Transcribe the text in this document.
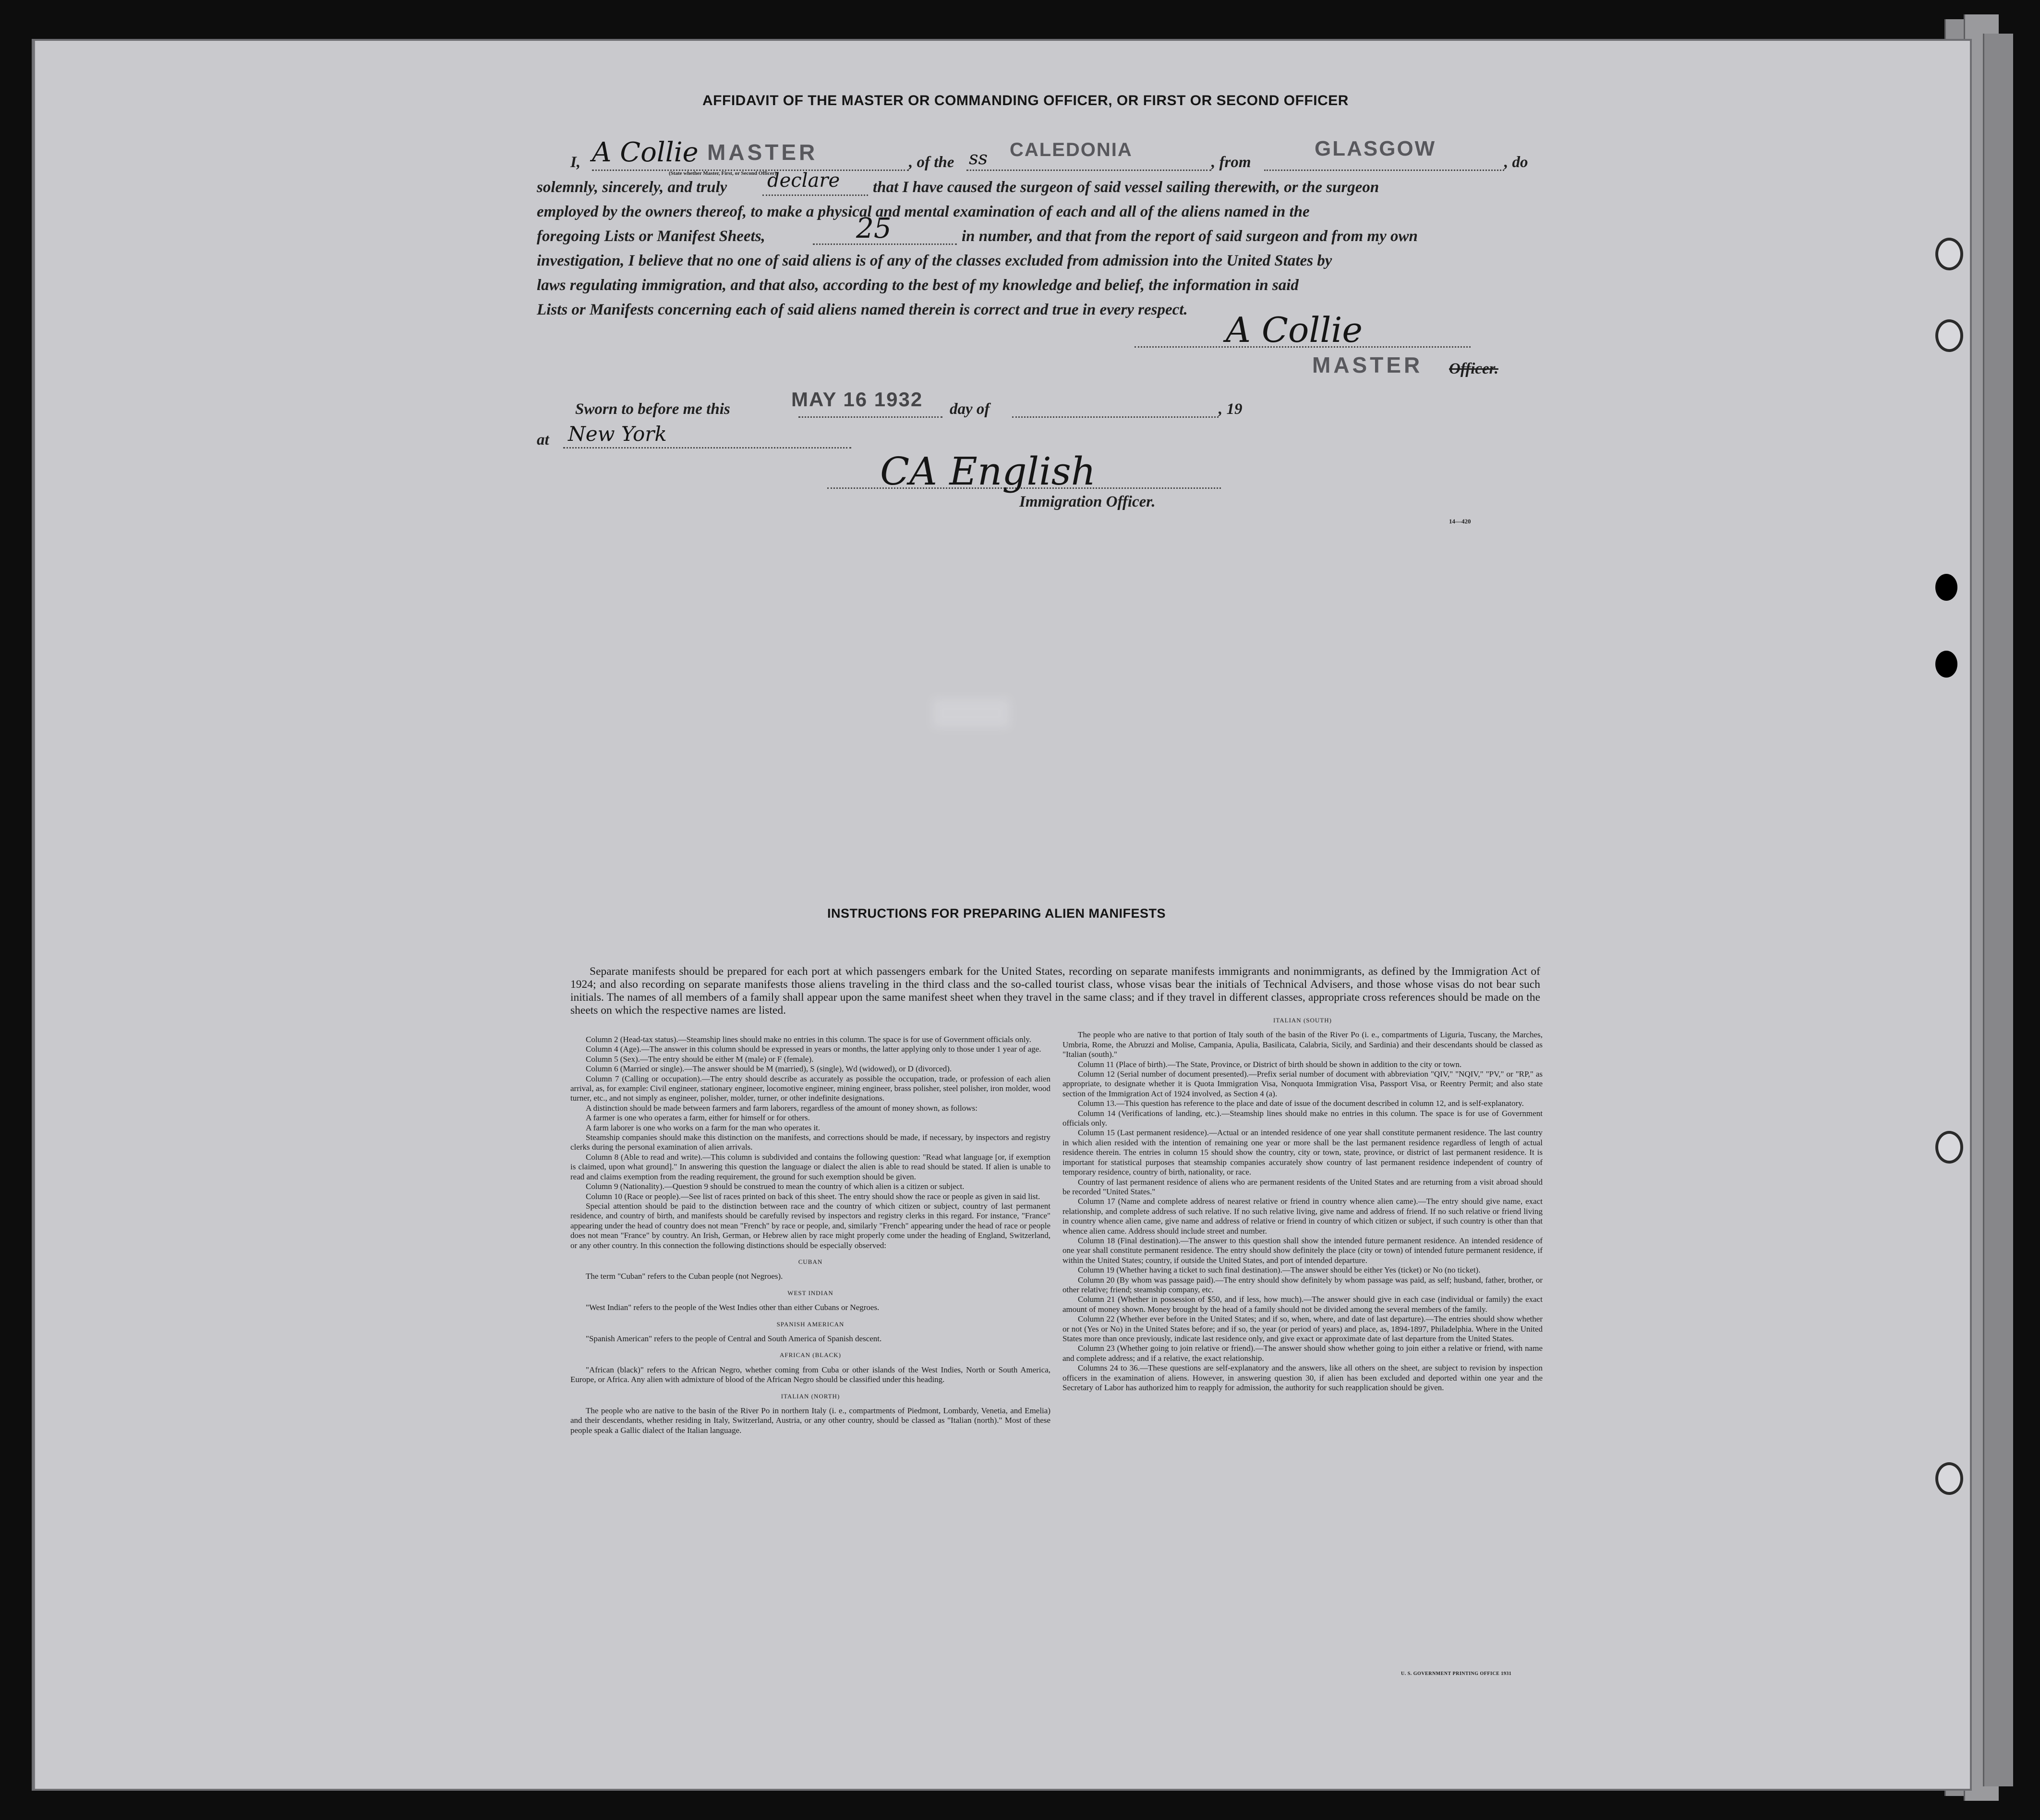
AFFIDAVIT OF THE MASTER OR COMMANDING OFFICER, OR FIRST OR SECOND OFFICER
I, A Collie MASTER
(State whether Master, First, or Second Officer)
, of the ss CALEDONIA
, from
GLASGOW
, do
solemnly, sincerely, and truly declare that I have caused the surgeon of said vessel sailing therewith, or the surgeon
employed by the owners thereof, to make a physical and mental examination of each and all of the aliens named in the
foregoing Lists or Manifest Sheets,	25	in number, and that from the report of said surgeon and from my own
investigation, I believe that no one of said aliens is of any of the classes excluded from admission into the United States by
laws regulating immigration, and that also, according to the best of my knowledge and belief, the information in said
Lists or Manifests concerning each of said aliens named therein is correct and true in every respect. A Collie
MASTER Officer.
Sworn to before me this	MAY 16 1932 day of	, 19
at New York
CA English
Immigration Officer.
14—420
INSTRUCTIONS FOR PREPARING ALIEN MANIFESTS
Separate manifests should be prepared for each port at which passengers embark for the United States, recording on separate manifests immigrants and nonimmigrants, as defined by the Immigration Act of 1924; and also recording on separate manifests those aliens traveling in the third class and the so-called tourist class, whose visas bear the initials of Technical Advisers, and those whose visas do not bear such initials. The names of all members of a family shall appear upon the same manifest sheet when they travel in the same class; and if they travel in different classes, appropriate cross references should be made on the sheets on which the respective names are listed.

Column 2 (Head-tax status).—Steamship lines should make no entries in this column. The space is for use of Government officials only.

Column 4 (Age).—The answer in this column should be expressed in years or months, the latter applying only to those under 1 year of age.

Column 5 (Sex).—The entry should be either M (male) or F (female).

Column 6 (Married or single).—The answer should be M (married), S (single), Wd (widowed), or D (divorced).

Column 7 (Calling or occupation).—The entry should describe as accurately as possible the occupation, trade, or profession of each alien arrival, as, for example: Civil engineer, stationary engineer, locomotive engineer, mining engineer, brass polisher, steel polisher, iron molder, wood turner, etc., and not simply as engineer, polisher, molder, turner, or other indefinite designations.

A distinction should be made between farmers and farm laborers, regardless of the amount of money shown, as follows:

A farmer is one who operates a farm, either for himself or for others.

A farm laborer is one who works on a farm for the man who operates it.

Steamship companies should make this distinction on the manifests, and corrections should be made, if necessary, by inspectors and registry clerks during the personal examination of alien arrivals.

Column 8 (Able to read and write).—This column is subdivided and contains the following question: "Read what language [or, if exemption is claimed, upon what ground]." In answering this question the language or dialect the alien is able to read should be stated. If alien is unable to read and claims exemption from the reading requirement, the ground for such exemption should be given.

Column 9 (Nationality).—Question 9 should be construed to mean the country of which alien is a citizen or subject.

Column 10 (Race or people).—See list of races printed on back of this sheet. The entry should show the race or people as given in said list.

Special attention should be paid to the distinction between race and the country of which citizen or subject, country of last permanent residence, and country of birth, and manifests should be carefully revised by inspectors and registry clerks in this regard. For instance, "France" appearing under the head of country does not mean "French" by race or people, and, similarly "French" appearing under the head of race or people does not mean "France" by country. An Irish, German, or Hebrew alien by race might properly come under the heading of England, Switzerland, or any other country. In this connection the following distinctions should be especially observed:

CUBAN

The term "Cuban" refers to the Cuban people (not Negroes).

WEST INDIAN

"West Indian" refers to the people of the West Indies other than either Cubans or Negroes.

SPANISH AMERICAN

"Spanish American" refers to the people of Central and South America of Spanish descent.

AFRICAN (BLACK)

"African (black)" refers to the African Negro, whether coming from Cuba or other islands of the West Indies, North or South America, Europe, or Africa. Any alien with admixture of blood of the African Negro should be classified under this heading.

ITALIAN (NORTH)

The people who are native to the basin of the River Po in northern Italy (i. e., compartments of Piedmont, Lombardy, Venetia, and Emelia) and their descendants, whether residing in Italy, Switzerland, Austria, or any other country, should be classed as "Italian (north)." Most of these people speak a Gallic dialect of the Italian language.

ITALIAN (SOUTH)

The people who are native to that portion of Italy south of the basin of the River Po (i. e., compartments of Liguria, Tuscany, the Marches, Umbria, Rome, the Abruzzi and Molise, Campania, Apulia, Basilicata, Calabria, Sicily, and Sardinia) and their descendants should be classed as "Italian (south)."

Column 11 (Place of birth).—The State, Province, or District of birth should be shown in addition to the city or town.

Column 12 (Serial number of document presented).—Prefix serial number of document with abbreviation "QIV," "NQIV," "PV," or "RP," as appropriate, to designate whether it is Quota Immigration Visa, Nonquota Immigration Visa, Passport Visa, or Reentry Permit; and also state section of the Immigration Act of 1924 involved, as Section 4 (a).

Column 13.—This question has reference to the place and date of issue of the document described in column 12, and is self-explanatory.

Column 14 (Verifications of landing, etc.).—Steamship lines should make no entries in this column. The space is for use of Government officials only.

Column 15 (Last permanent residence).—Actual or an intended residence of one year shall constitute permanent residence. The last country in which alien resided with the intention of remaining one year or more shall be the last permanent residence regardless of length of actual residence therein. The entries in column 15 should show the country, city or town, state, province, or district of last permanent residence. It is important for statistical purposes that steamship companies accurately show country of last permanent residence independent of country of temporary residence, country of birth, nationality, or race.

Country of last permanent residence of aliens who are permanent residents of the United States and are returning from a visit abroad should be recorded "United States."

Column 17 (Name and complete address of nearest relative or friend in country whence alien came).—The entry should give name, exact relationship, and complete address of such relative. If no such relative living, give name and address of friend. If no such relative or friend living in country whence alien came, give name and address of relative or friend in country of which citizen or subject, if such country is other than that whence alien came. Address should include street and number.

Column 18 (Final destination).—The answer to this question shall show the intended future permanent residence. An intended residence of one year shall constitute permanent residence. The entry should show definitely the place (city or town) of intended future permanent residence, if within the United States; country, if outside the United States, and port of intended departure.

Column 19 (Whether having a ticket to such final destination).—The answer should be either Yes (ticket) or No (no ticket).

Column 20 (By whom was passage paid).—The entry should show definitely by whom passage was paid, as self; husband, father, brother, or other relative; friend; steamship company, etc.

Column 21 (Whether in possession of $50, and if less, how much).—The answer should give in each case (individual or family) the exact amount of money shown. Money brought by the head of a family should not be divided among the several members of the family.

Column 22 (Whether ever before in the United States; and if so, when, where, and date of last departure).—The entries should show whether or not (Yes or No) in the United States before; and if so, the year (or period of years) and place, as, 1894-1897, Philadelphia. Where in the United States more than once previously, indicate last residence only, and give exact or approximate date of last departure from the United States.

Column 23 (Whether going to join relative or friend).—The answer should show whether going to join either a relative or friend, with name and complete address; and if a relative, the exact relationship.

Columns 24 to 36.—These questions are self-explanatory and the answers, like all others on the sheet, are subject to revision by inspection officers in the examination of aliens. However, in answering question 30, if alien has been excluded and deported within one year and the Secretary of Labor has authorized him to reapply for admission, the authority for such reapplication should be given.

U. S. GOVERNMENT PRINTING OFFICE 1931
